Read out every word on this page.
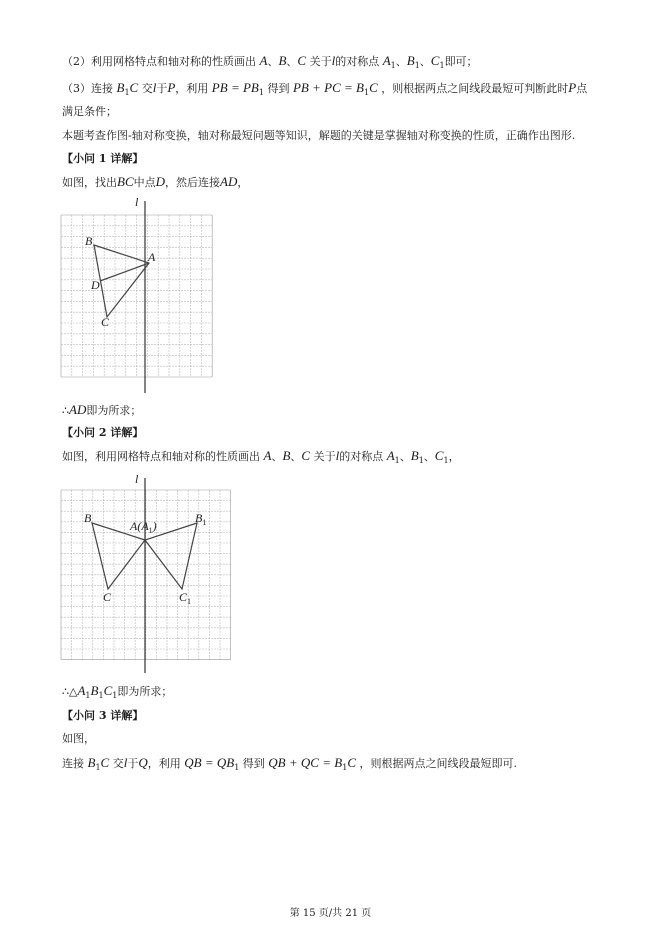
（2）利用网格特点和轴对称的性质画出 A、B、C 关于l的对称点 $A_1$、$B_1$、$C_1$即可；
（3）连接 $B_1C$ 交l于P，利用 PB = $PB_1$ 得到 PB + PC = $B_1C$ ，则根据两点之间线段最短可判断此时P点
满足条件；
本题考查作图-轴对称变换，轴对称最短问题等知识，解题的关键是掌握轴对称变换的性质，正确作出图形.
【小问 1 详解】
如图，找出BC中点D，然后连接AD，
l
B
A
D
C
∴AD即为所求；
【小问 2 详解】
如图，利用网格特点和轴对称的性质画出 A、B、C 关于l的对称点 $A_1$、$B_1$、$C_1$，
l
B
$A(A_1)$
$B_1$
C	$C_1$
$\therefore\triangle A_1B_1C_1$即为所求；
【小问 3 详解】
如图，
连接 $B_1C$ 交l于Q，利用 QB = $QB_1$ 得到 QB + QC = $B_1C$ ，则根据两点之间线段最短即可.
第 15 页/共 21 页
